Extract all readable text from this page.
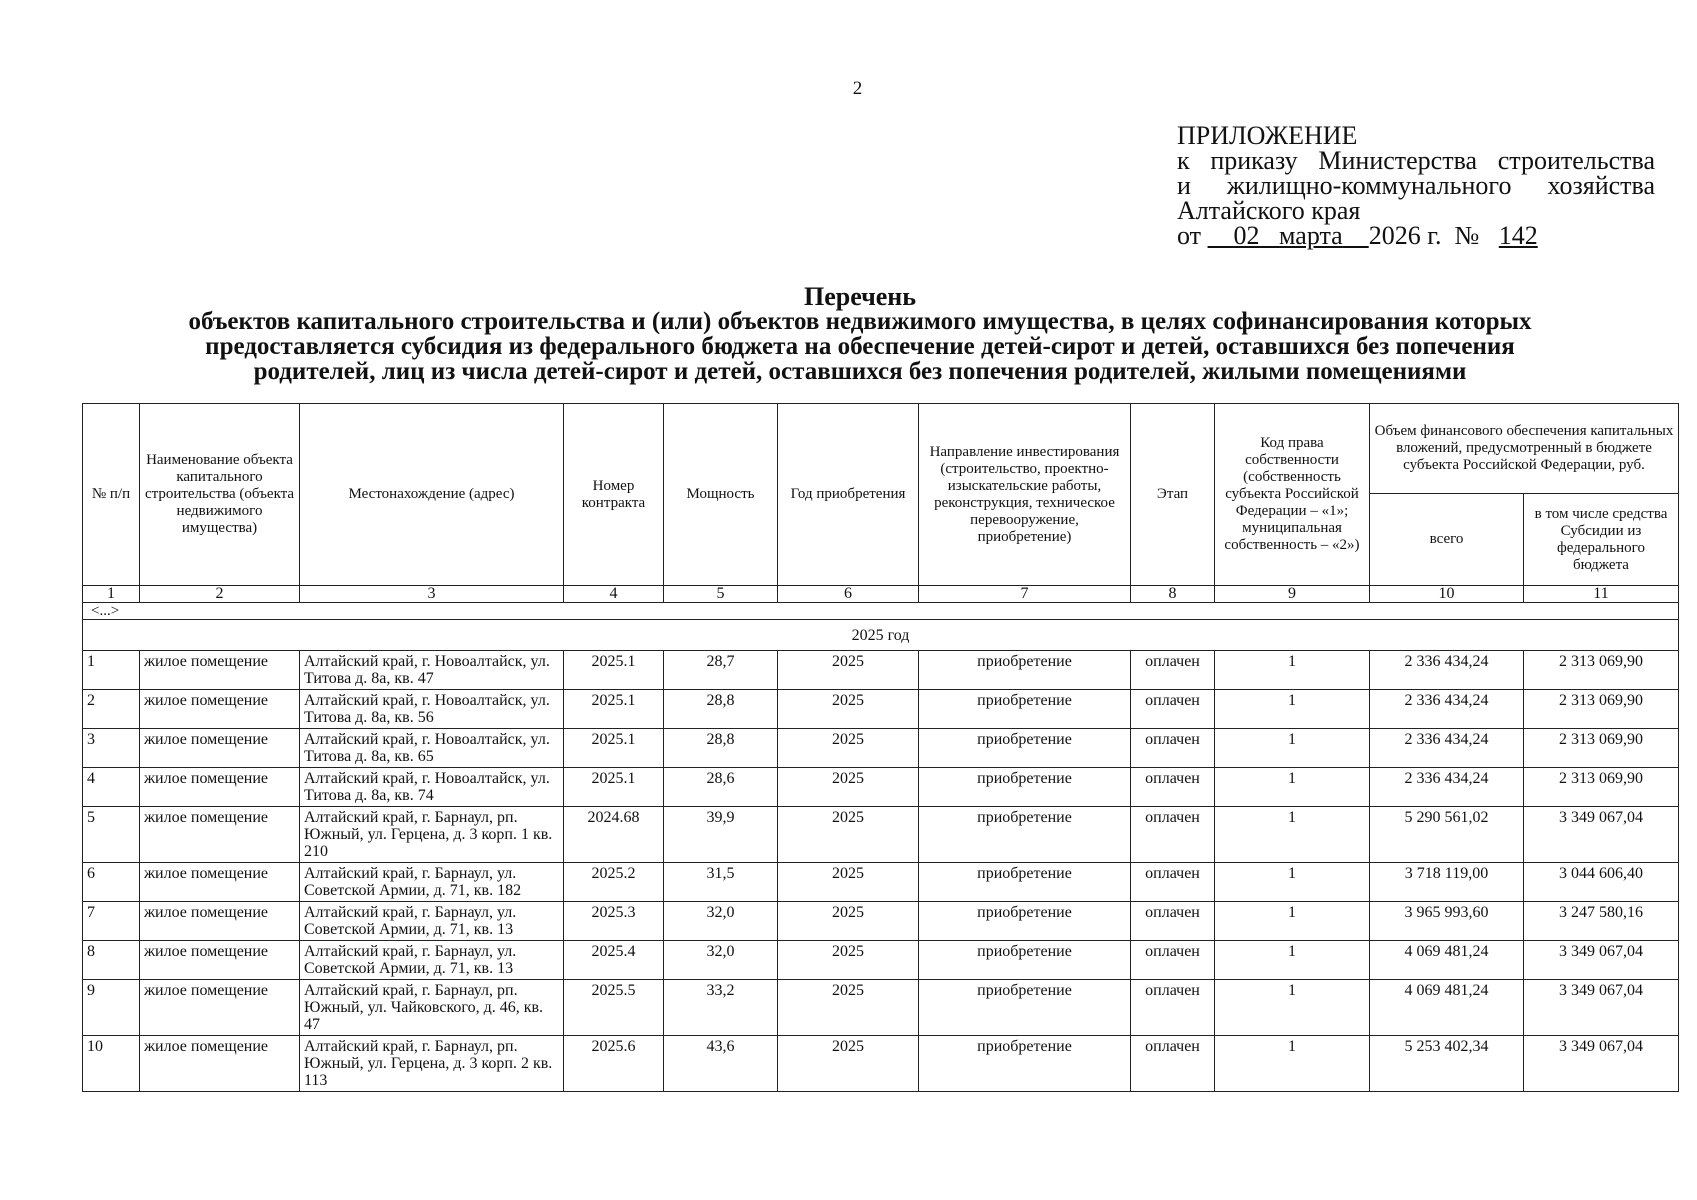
2
ПРИЛОЖЕНИЕ
к приказу Министерства строительства
и жилищно-коммунального хозяйства
Алтайского края
от 02 марта 2026 г. № 142
Перечень
объектов капитального строительства и (или) объектов недвижимого имущества, в целях софинансирования которых
предоставляется субсидия из федерального бюджета на обеспечение детей-сирот и детей, оставшихся без попечения
родителей, лиц из числа детей-сирот и детей, оставшихся без попечения родителей, жилыми помещениями
№ п/п	Наименование объекта капитального строительства (объекта недвижимого имущества)	Местонахождение (адрес)	Номер контракта	Мощность	Год приобретения	Направление инвестирования (строительство, проектно-изыскательские работы, реконструкция, техническое перевооружение, приобретение)	Этап	Код права собственности (собственность субъекта Российской Федерации – «1»; муниципальная собственность – «2»)	Объем финансового обеспечения капитальных вложений, предусмотренный в бюджете субъекта Российской Федерации, руб.	
									всего	в том числе средства Субсидии из федерального бюджета
1	2	3	4	5	6	7	8	9	10	11
<...>										
2025 год										
1	жилое помещение	Алтайский край, г. Новоалтайск, ул. Титова д. 8а, кв. 47	2025.1	28,7	2025	приобретение	оплачен	1	2 336 434,24	2 313 069,90
2	жилое помещение	Алтайский край, г. Новоалтайск, ул. Титова д. 8а, кв. 56	2025.1	28,8	2025	приобретение	оплачен	1	2 336 434,24	2 313 069,90
3	жилое помещение	Алтайский край, г. Новоалтайск, ул. Титова д. 8а, кв. 65	2025.1	28,8	2025	приобретение	оплачен	1	2 336 434,24	2 313 069,90
4	жилое помещение	Алтайский край, г. Новоалтайск, ул. Титова д. 8а, кв. 74	2025.1	28,6	2025	приобретение	оплачен	1	2 336 434,24	2 313 069,90
5	жилое помещение	Алтайский край, г. Барнаул, рп. Южный, ул. Герцена, д. 3 корп. 1 кв. 210	2024.68	39,9	2025	приобретение	оплачен	1	5 290 561,02	3 349 067,04
6	жилое помещение	Алтайский край, г. Барнаул, ул. Советской Армии, д. 71, кв. 182	2025.2	31,5	2025	приобретение	оплачен	1	3 718 119,00	3 044 606,40
7	жилое помещение	Алтайский край, г. Барнаул, ул. Советской Армии, д. 71, кв. 13	2025.3	32,0	2025	приобретение	оплачен	1	3 965 993,60	3 247 580,16
8	жилое помещение	Алтайский край, г. Барнаул, ул. Советской Армии, д. 71, кв. 13	2025.4	32,0	2025	приобретение	оплачен	1	4 069 481,24	3 349 067,04
9	жилое помещение	Алтайский край, г. Барнаул, рп. Южный, ул. Чайковского, д. 46, кв. 47	2025.5	33,2	2025	приобретение	оплачен	1	4 069 481,24	3 349 067,04
10	жилое помещение	Алтайский край, г. Барнаул, рп. Южный, ул. Герцена, д. 3 корп. 2 кв. 113	2025.6	43,6	2025	приобретение	оплачен	1	5 253 402,34	3 349 067,04
